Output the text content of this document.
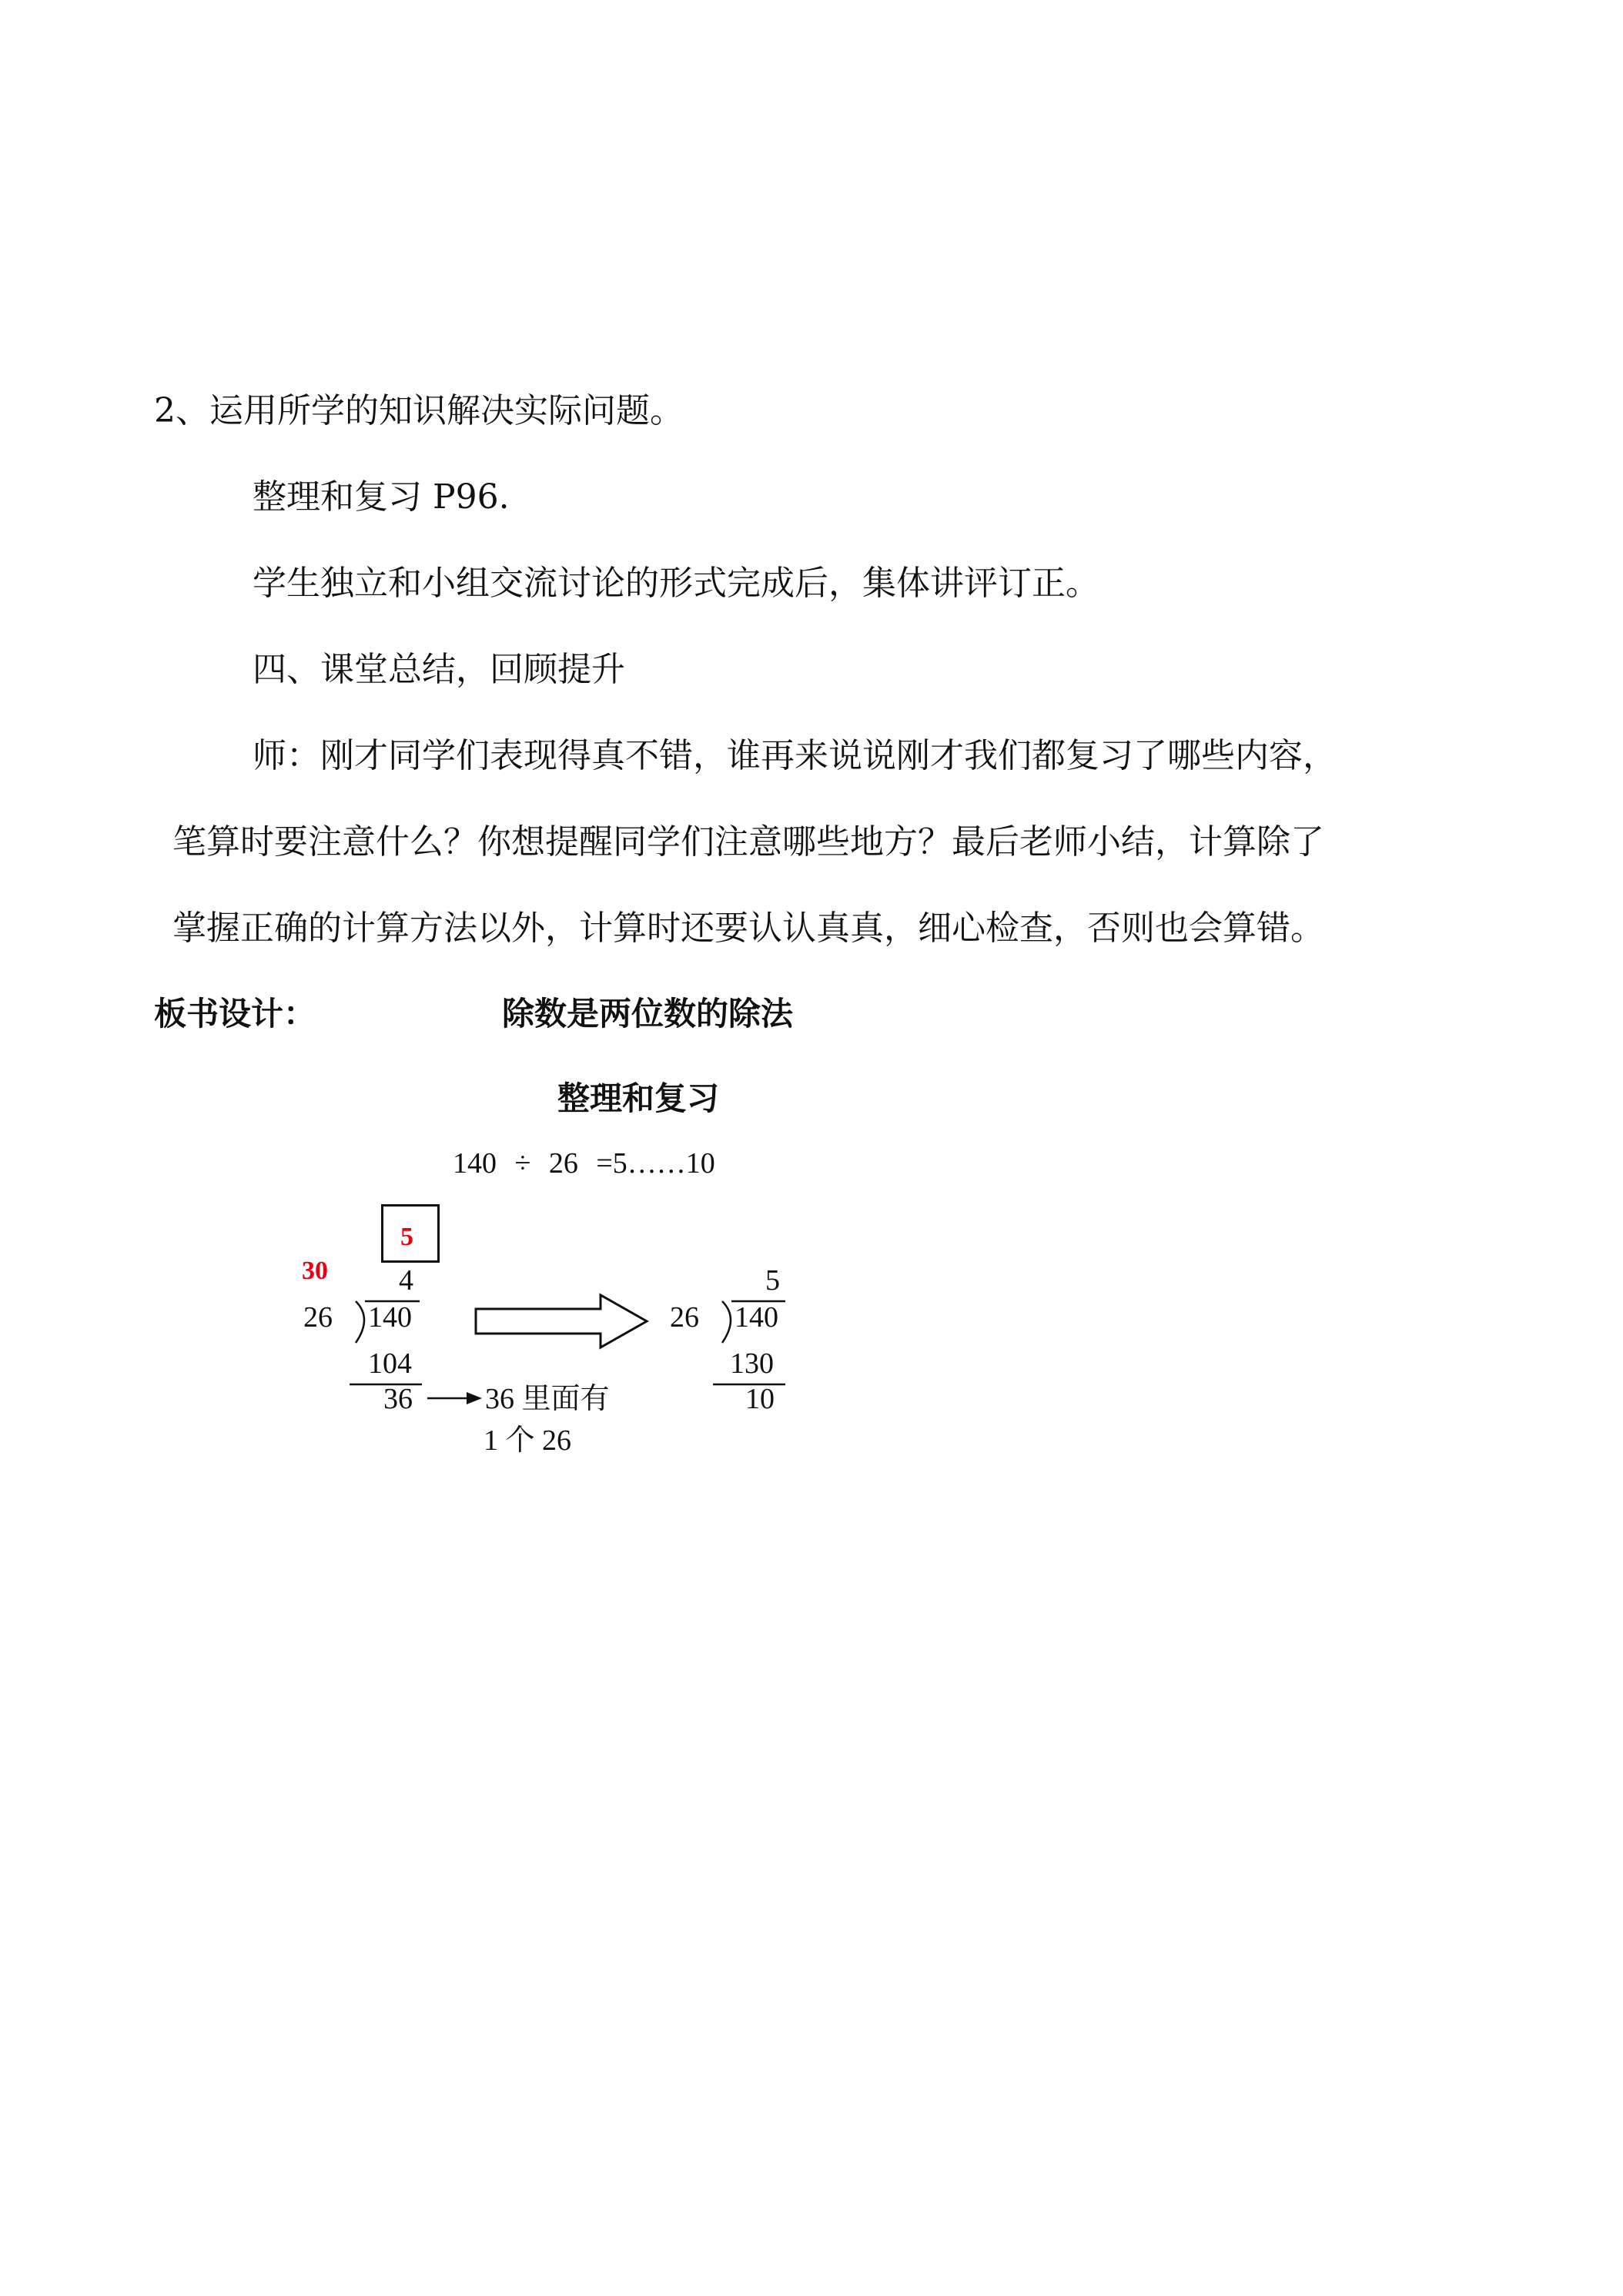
2、运用所学的知识解决实际问题。
整理和复习 P96.
学生独立和小组交流讨论的形式完成后，集体讲评订正。
四、课堂总结，回顾提升
师：刚才同学们表现得真不错，谁再来说说刚才我们都复习了哪些内容，
笔算时要注意什么？你想提醒同学们注意哪些地方？最后老师小结，计算除了
掌握正确的计算方法以外，计算时还要认认真真，细心检查，否则也会算错。
板书设计：	除数是两位数的除法
整理和复习
140 ÷ 26 =5……10
5
30 4
26 140
104
36 36 里面有
1 个 26
5
26 140
130
10
